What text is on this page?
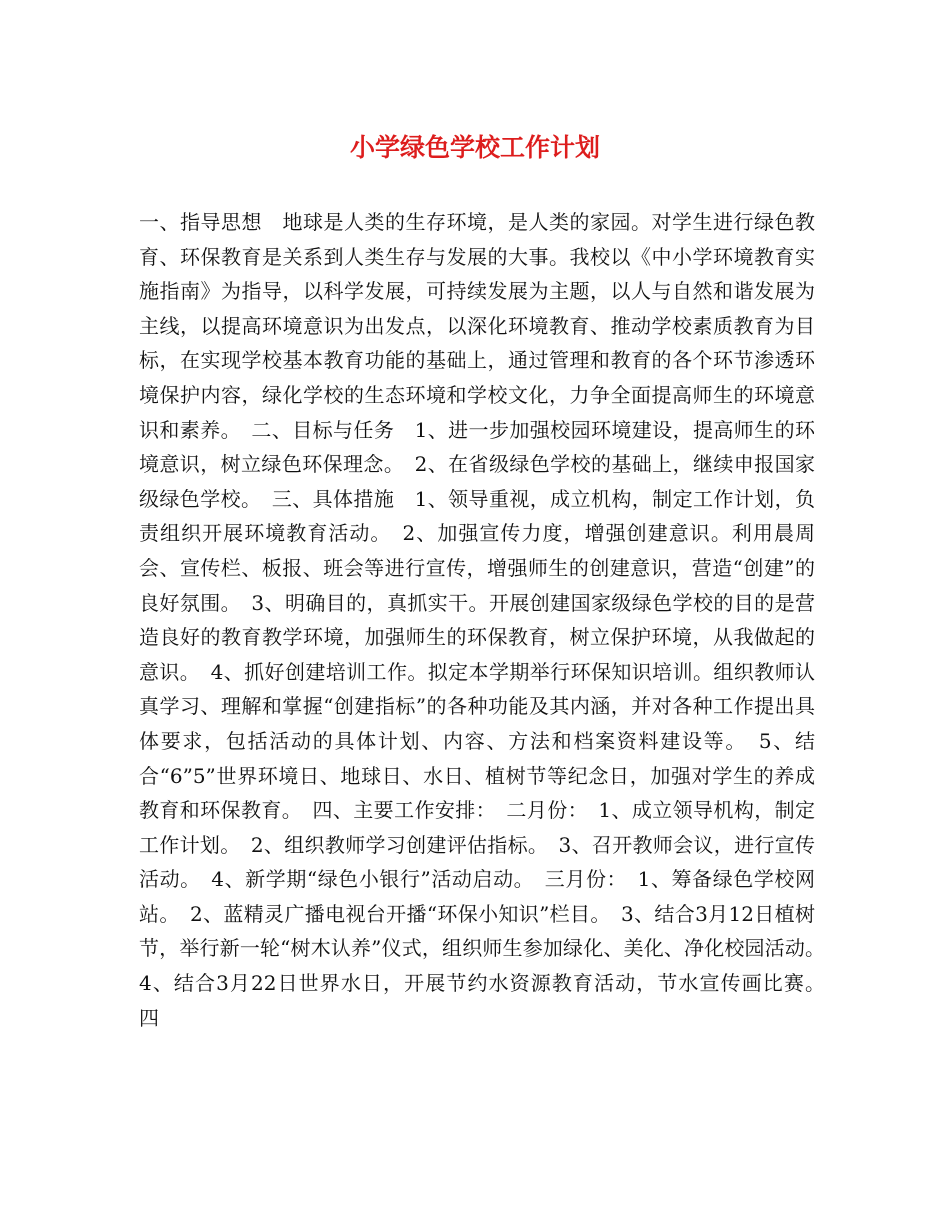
小学绿色学校工作计划

一、指导思想　地球是人类的生存环境，是人类的家园。对学生进行绿色教育、环保教育是关系到人类生存与发展的大事。我校以《中小学环境教育实施指南》为指导，以科学发展，可持续发展为主题，以人与自然和谐发展为主线，以提高环境意识为出发点，以深化环境教育、推动学校素质教育为目标，在实现学校基本教育功能的基础上，通过管理和教育的各个环节渗透环境保护内容，绿化学校的生态环境和学校文化，力争全面提高师生的环境意识和素养。　二、目标与任务　1、进一步加强校园环境建设，提高师生的环境意识，树立绿色环保理念。　2、在省级绿色学校的基础上，继续申报国家级绿色学校。　三、具体措施　1、领导重视，成立机构，制定工作计划，负责组织开展环境教育活动。　2、加强宣传力度，增强创建意识。利用晨周会、宣传栏、板报、班会等进行宣传，增强师生的创建意识，营造“创建”的良好氛围。　3、明确目的，真抓实干。开展创建国家级绿色学校的目的是营造良好的教育教学环境，加强师生的环保教育，树立保护环境，从我做起的意识。　4、抓好创建培训工作。拟定本学期举行环保知识培训。组织教师认真学习、理解和掌握“创建指标”的各种功能及其内涵，并对各种工作提出具体要求，包括活动的具体计划、内容、方法和档案资料建设等。　5、结合“6”5”世界环境日、地球日、水日、植树节等纪念日，加强对学生的养成教育和环保教育。　四、主要工作安排：　二月份：　1、成立领导机构，制定工作计划。　2、组织教师学习创建评估指标。　3、召开教师会议，进行宣传活动。　4、新学期“绿色小银行”活动启动。　三月份：　1、筹备绿色学校网站。　2、蓝精灵广播电视台开播“环保小知识”栏目。　3、结合3月12日植树节，举行新一轮“树木认养”仪式，组织师生参加绿化、美化、净化校园活动。　4、结合3月22日世界水日，开展节约水资源教育活动，节水宣传画比赛。　四
